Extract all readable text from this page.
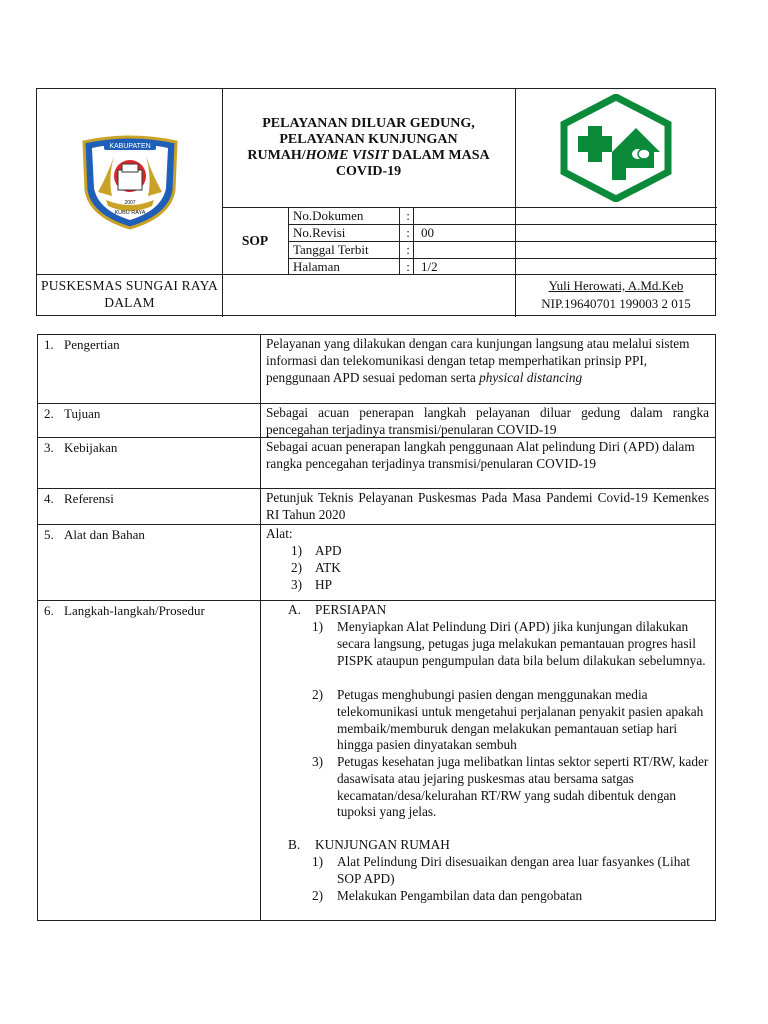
KABUPATEN
2007
KUBU RAYA
PELAYANAN DILUAR GEDUNG, PELAYANAN KUNJUNGAN RUMAH/HOME VISIT DALAM MASA COVID-19
SOP
No.Dokumen	:
No.Revisi	: 00
Tanggal Terbit	:
Halaman	: 1/2
PUSKESMAS SUNGAI RAYA DALAM
Yuli Herowati, A.Md.Keb
NIP.19640701 199003 2 015
1. Pengertian	Pelayanan yang dilakukan dengan cara kunjungan langsung atau melalui sistem informasi dan telekomunikasi dengan tetap memperhatikan prinsip PPI, penggunaan APD sesuai pedoman serta physical distancing
2. Tujuan	Sebagai acuan penerapan langkah pelayanan diluar gedung dalam rangka pencegahan terjadinya transmisi/penularan COVID-19
3. Kebijakan	Sebagai acuan penerapan langkah penggunaan Alat pelindung Diri (APD) dalam rangka pencegahan terjadinya transmisi/penularan COVID-19
4. Referensi	Petunjuk Teknis Pelayanan Puskesmas Pada Masa Pandemi Covid-19 Kemenkes RI Tahun 2020
5. Alat dan Bahan	Alat:
1) APD
2) ATK
3) HP
6. Langkah-langkah/Prosedur	A. PERSIAPAN
1) Menyiapkan Alat Pelindung Diri (APD) jika kunjungan dilakukan secara langsung, petugas juga melakukan pemantauan progres hasil PISPK ataupun pengumpulan data bila belum dilakukan sebelumnya.
2) Petugas menghubungi pasien dengan menggunakan media telekomunikasi untuk mengetahui perjalanan penyakit pasien apakah membaik/memburuk dengan melakukan pemantauan setiap hari hingga pasien dinyatakan sembuh
3) Petugas kesehatan juga melibatkan lintas sektor seperti RT/RW, kader dasawisata atau jejaring puskesmas atau bersama satgas kecamatan/desa/kelurahan RT/RW yang sudah dibentuk dengan tupoksi yang jelas.
B. KUNJUNGAN RUMAH
1) Alat Pelindung Diri disesuaikan dengan area luar fasyankes (Lihat SOP APD)
2) Melakukan Pengambilan data dan pengobatan
